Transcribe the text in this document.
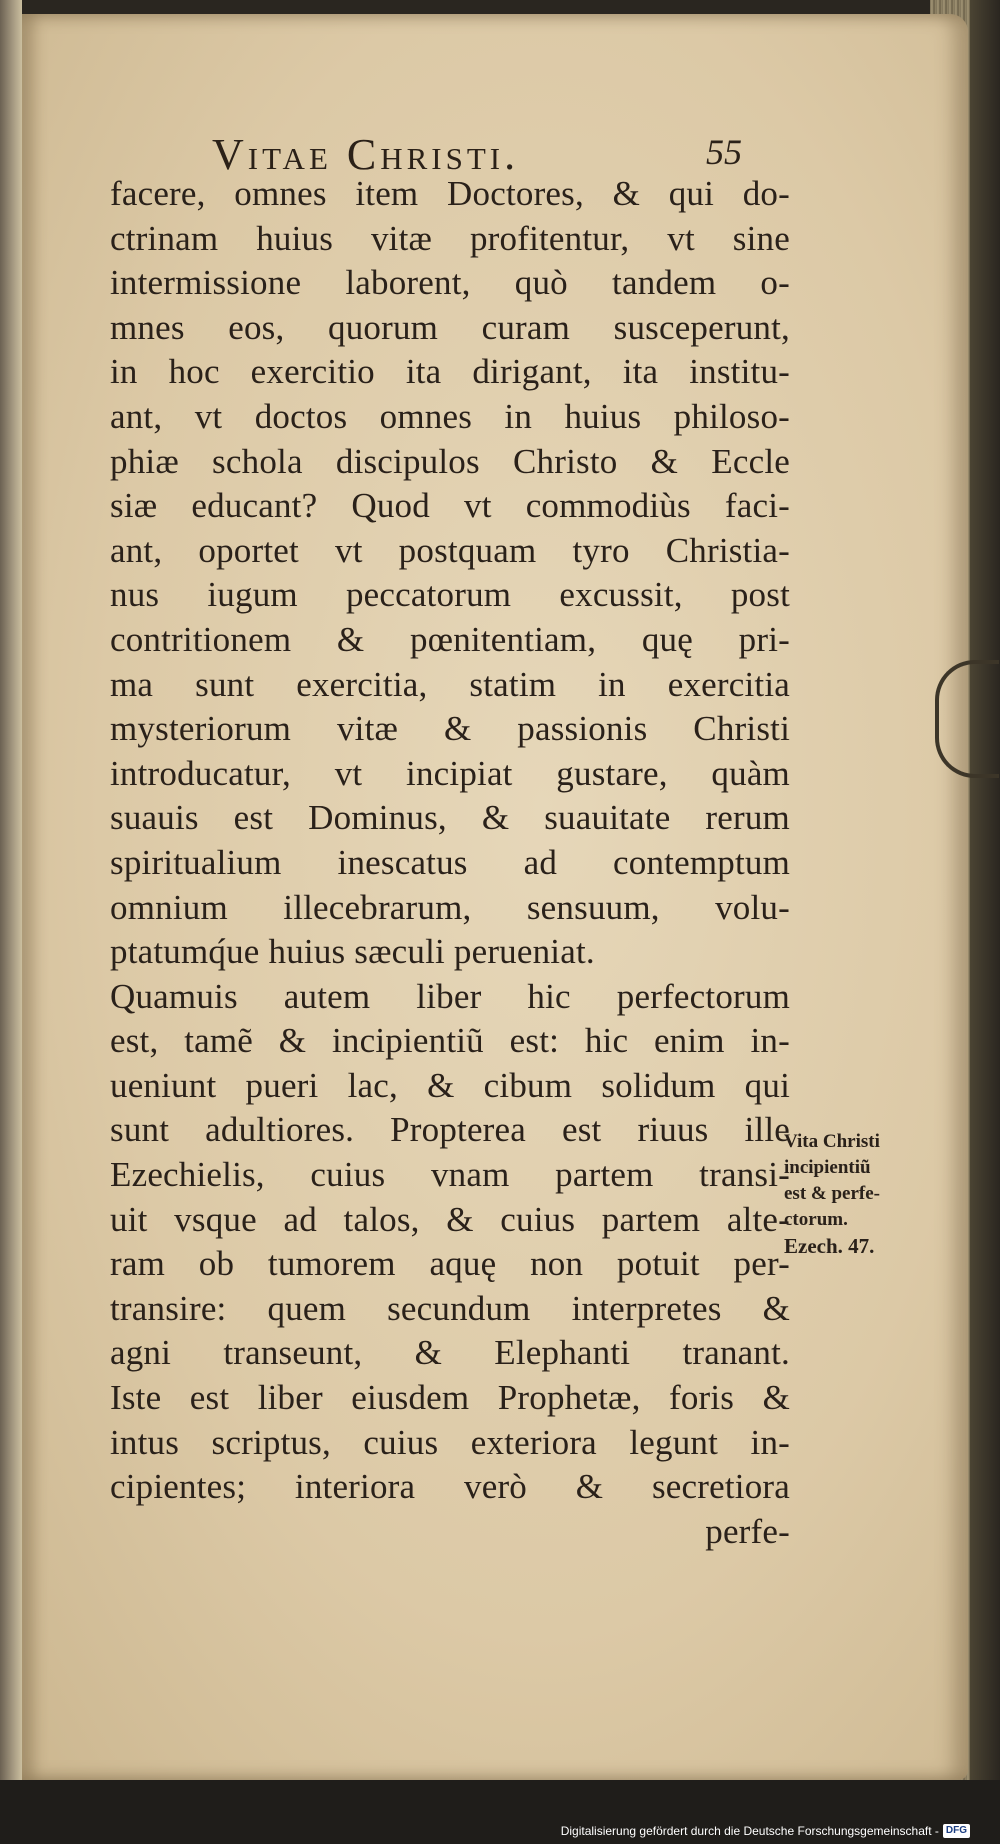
Vitae Christi.	55
facere, omnes item Doctores, & qui do-
ctrinam huius vitæ profitentur, vt sine
intermissione laborent, quò tandem o-
mnes eos, quorum curam susceperunt,
in hoc exercitio ita dirigant, ita institu-
ant, vt doctos omnes in huius philoso-
phiæ schola discipulos Christo & Eccle
siæ educant? Quod vt commodiùs faci-
ant, oportet vt postquam tyro Christia-
nus iugum peccatorum excussit, post
contritionem & pœnitentiam, quę pri-
ma sunt exercitia, statim in exercitia
mysteriorum vitæ & passionis Christi
introducatur, vt incipiat gustare, quàm
suauis est Dominus, & suauitate rerum
spiritualium inescatus ad contemptum
omnium illecebrarum, sensuum, volu-
ptatumq́ue huius sæculi perueniat.
Quamuis autem liber hic perfectorum
est, tamẽ & incipientiũ est: hic enim in-
ueniunt pueri lac, & cibum solidum qui
sunt adultiores. Propterea est riuus ille
Ezechielis, cuius vnam partem transi-
uit vsque ad talos, & cuius partem alte-
ram ob tumorem aquę non potuit per-
transire: quem secundum interpretes &
agni transeunt, & Elephanti tranant.
Iste est liber eiusdem Prophetæ, foris &
intus scriptus, cuius exteriora legunt in-
cipientes; interiora verò & secretiora
perfe-
Vita Christi
incipientiũ
est & perfe-
ctorum.
Ezech. 47.
Digitalisierung gefördert durch die Deutsche Forschungsgemeinschaft - DFG
